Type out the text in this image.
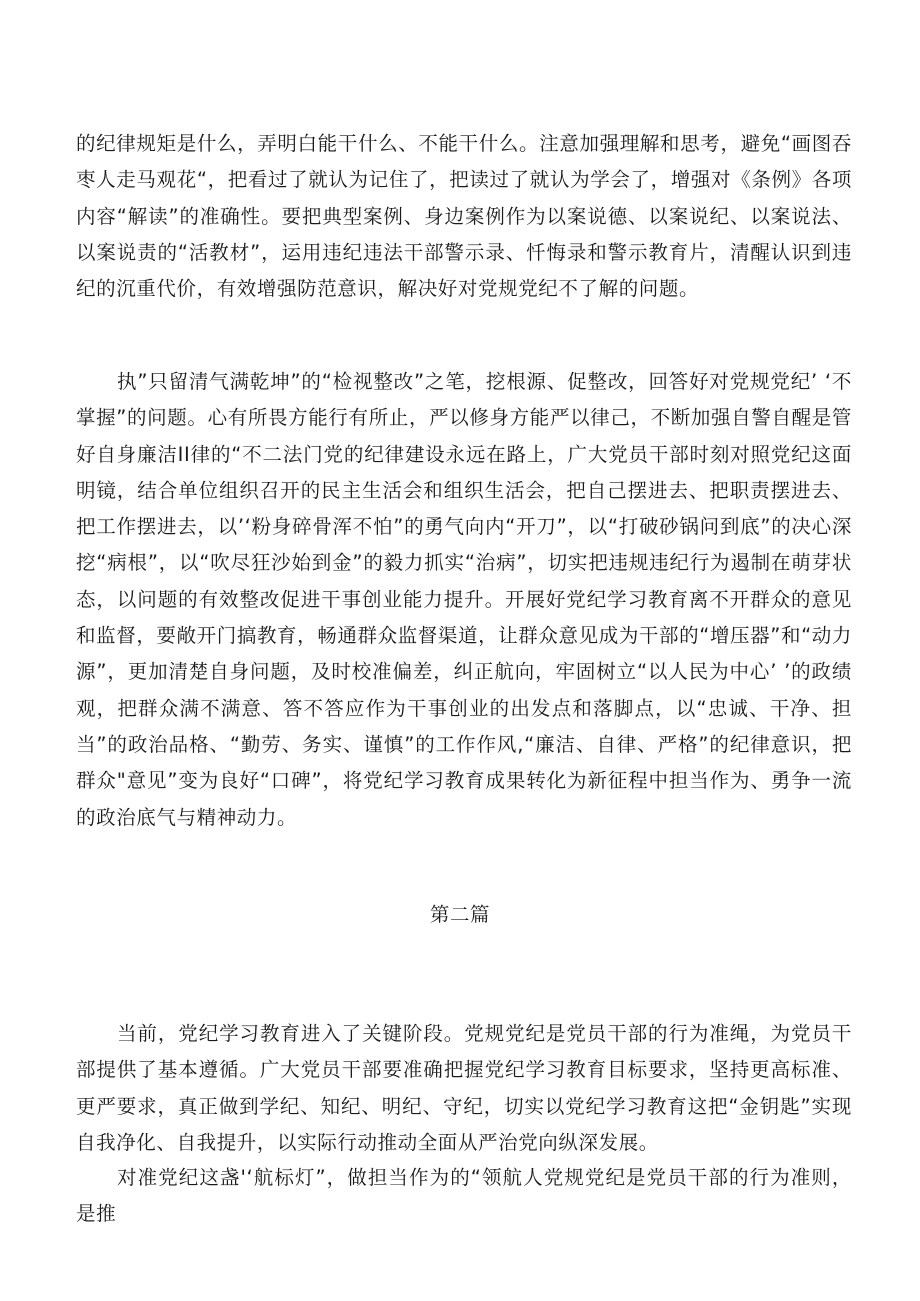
的纪律规矩是什么，弄明白能干什么、不能干什么。注意加强理解和思考，避免“画图吞枣人走马观花“，把看过了就认为记住了，把读过了就认为学会了，增强对《条例》各项内容“解读”的准确性。要把典型案例、身边案例作为以案说德、以案说纪、以案说法、以案说责的“活教材”，运用违纪违法干部警示录、忏悔录和警示教育片，清醒认识到违纪的沉重代价，有效增强防范意识，解决好对党规党纪不了解的问题。

执”只留清气满乾坤”的“检视整改”之笔，挖根源、促整改，回答好对党规党纪’ ‘不掌握”的问题。心有所畏方能行有所止，严以修身方能严以律己，不断加强自警自醒是管好自身廉洁II律的“不二法门党的纪律建设永远在路上，广大党员干部时刻对照党纪这面明镜，结合单位组织召开的民主生活会和组织生活会，把自己摆进去、把职责摆进去、把工作摆进去，以’‘粉身碎骨浑不怕”的勇气向内“开刀”，以“打破砂锅问到底”的决心深挖“病根”，以“吹尽狂沙始到金”的毅力抓实“治病”，切实把违规违纪行为遏制在萌芽状态，以问题的有效整改促进干事创业能力提升。开展好党纪学习教育离不开群众的意见和监督，要敞开门搞教育，畅通群众监督渠道，让群众意见成为干部的“增压器”和“动力源”，更加清楚自身问题，及时校准偏差，纠正航向，牢固树立“以人民为中心’ ’的政绩观，把群众满不满意、答不答应作为干事创业的出发点和落脚点，以“忠诚、干净、担当”的政治品格、“勤劳、务实、谨慎”的工作作风,“廉洁、自律、严格”的纪律意识，把群众"意见”变为良好“口碑”，将党纪学习教育成果转化为新征程中担当作为、勇争一流的政治底气与精神动力。

第二篇

当前，党纪学习教育进入了关键阶段。党规党纪是党员干部的行为准绳，为党员干部提供了基本遵循。广大党员干部要准确把握党纪学习教育目标要求，坚持更高标准、更严要求，真正做到学纪、知纪、明纪、守纪，切实以党纪学习教育这把“金钥匙”实现自我净化、自我提升，以实际行动推动全面从严治党向纵深发展。

对准党纪这盏'‘航标灯”，做担当作为的“领航人党规党纪是党员干部的行为准则，是推
